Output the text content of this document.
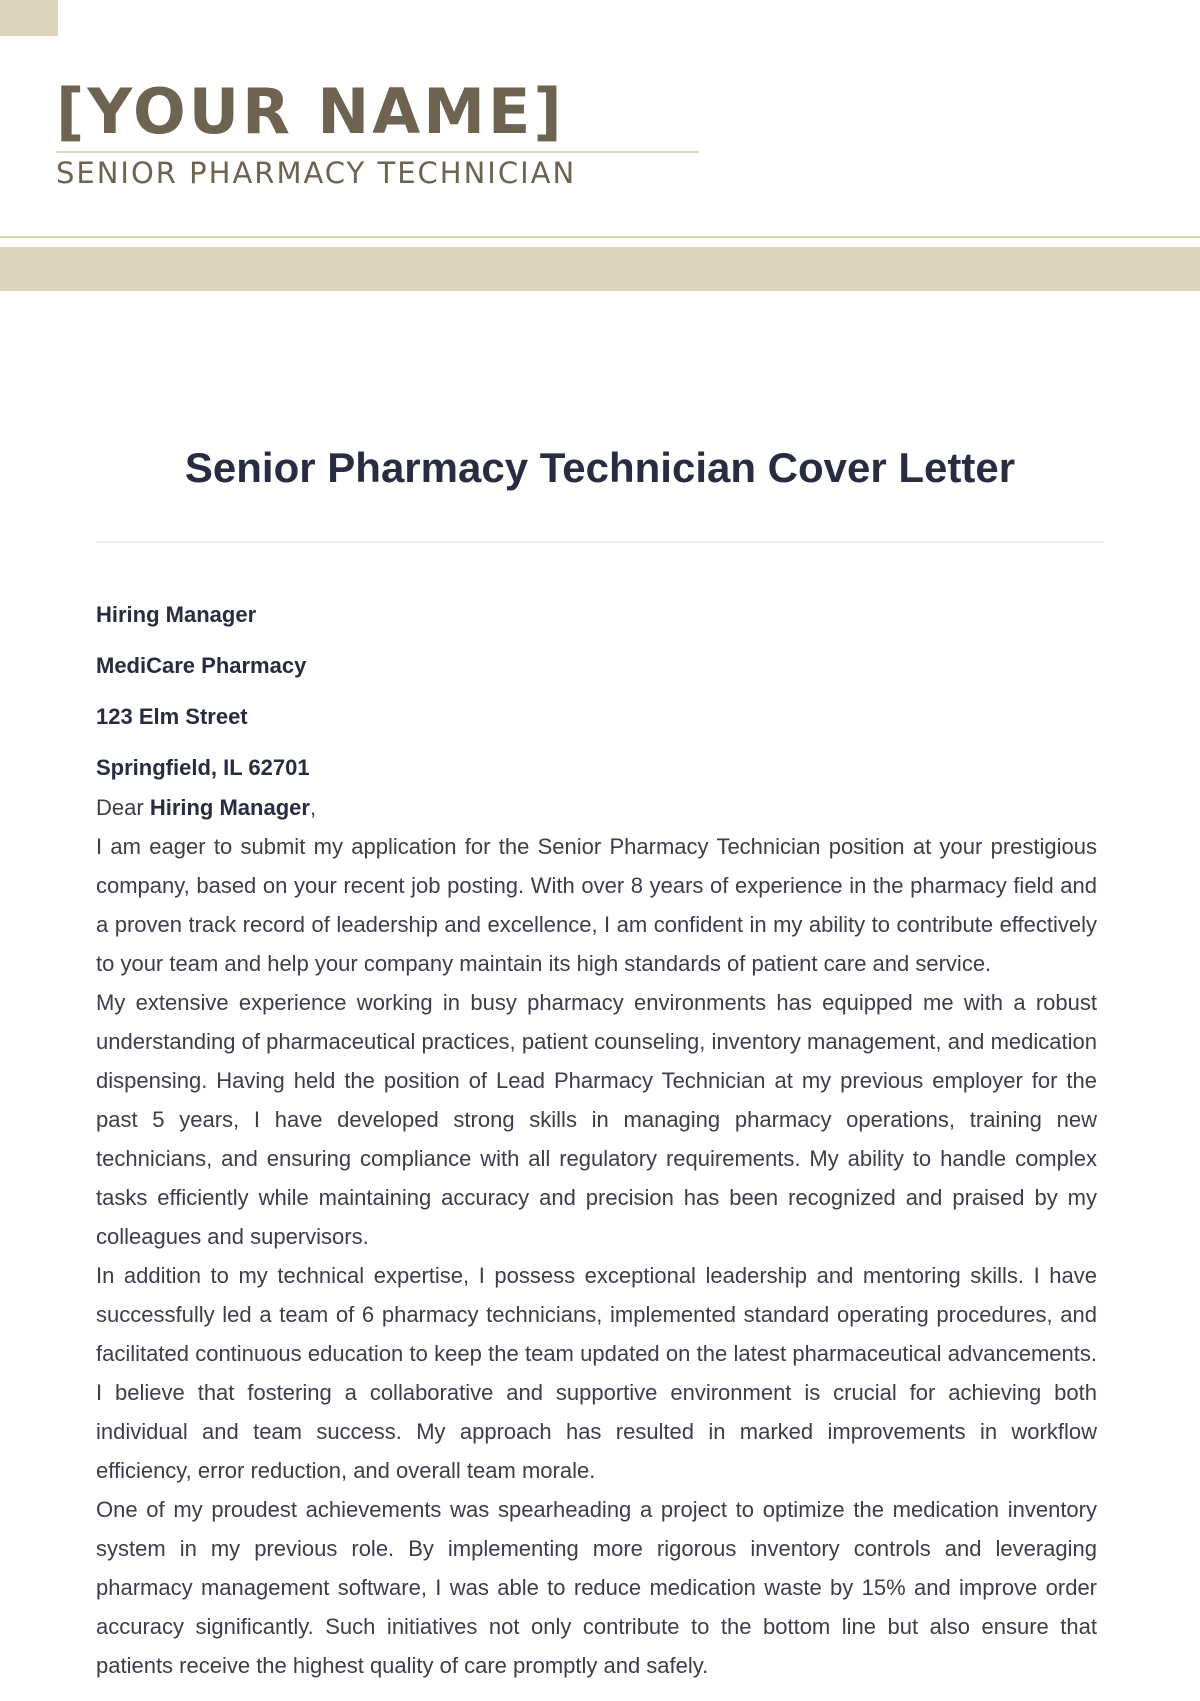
[YOUR NAME]
SENIOR PHARMACY TECHNICIAN
Senior Pharmacy Technician Cover Letter

Hiring Manager

MediCare Pharmacy

123 Elm Street

Springfield, IL 62701

Dear Hiring Manager,

I am eager to submit my application for the Senior Pharmacy Technician position at your prestigious company, based on your recent job posting. With over 8 years of experience in the pharmacy field and a proven track record of leadership and excellence, I am confident in my ability to contribute effectively to your team and help your company maintain its high standards of patient care and service.

My extensive experience working in busy pharmacy environments has equipped me with a robust understanding of pharmaceutical practices, patient counseling, inventory management, and medication dispensing. Having held the position of Lead Pharmacy Technician at my previous employer for the past 5 years, I have developed strong skills in managing pharmacy operations, training new technicians, and ensuring compliance with all regulatory requirements. My ability to handle complex tasks efficiently while maintaining accuracy and precision has been recognized and praised by my colleagues and supervisors.

In addition to my technical expertise, I possess exceptional leadership and mentoring skills. I have successfully led a team of 6 pharmacy technicians, implemented standard operating procedures, and facilitated continuous education to keep the team updated on the latest pharmaceutical advancements. I believe that fostering a collaborative and supportive environment is crucial for achieving both individual and team success. My approach has resulted in marked improvements in workflow efficiency, error reduction, and overall team morale.

One of my proudest achievements was spearheading a project to optimize the medication inventory system in my previous role. By implementing more rigorous inventory controls and leveraging pharmacy management software, I was able to reduce medication waste by 15% and improve order accuracy significantly. Such initiatives not only contribute to the bottom line but also ensure that patients receive the highest quality of care promptly and safely.
